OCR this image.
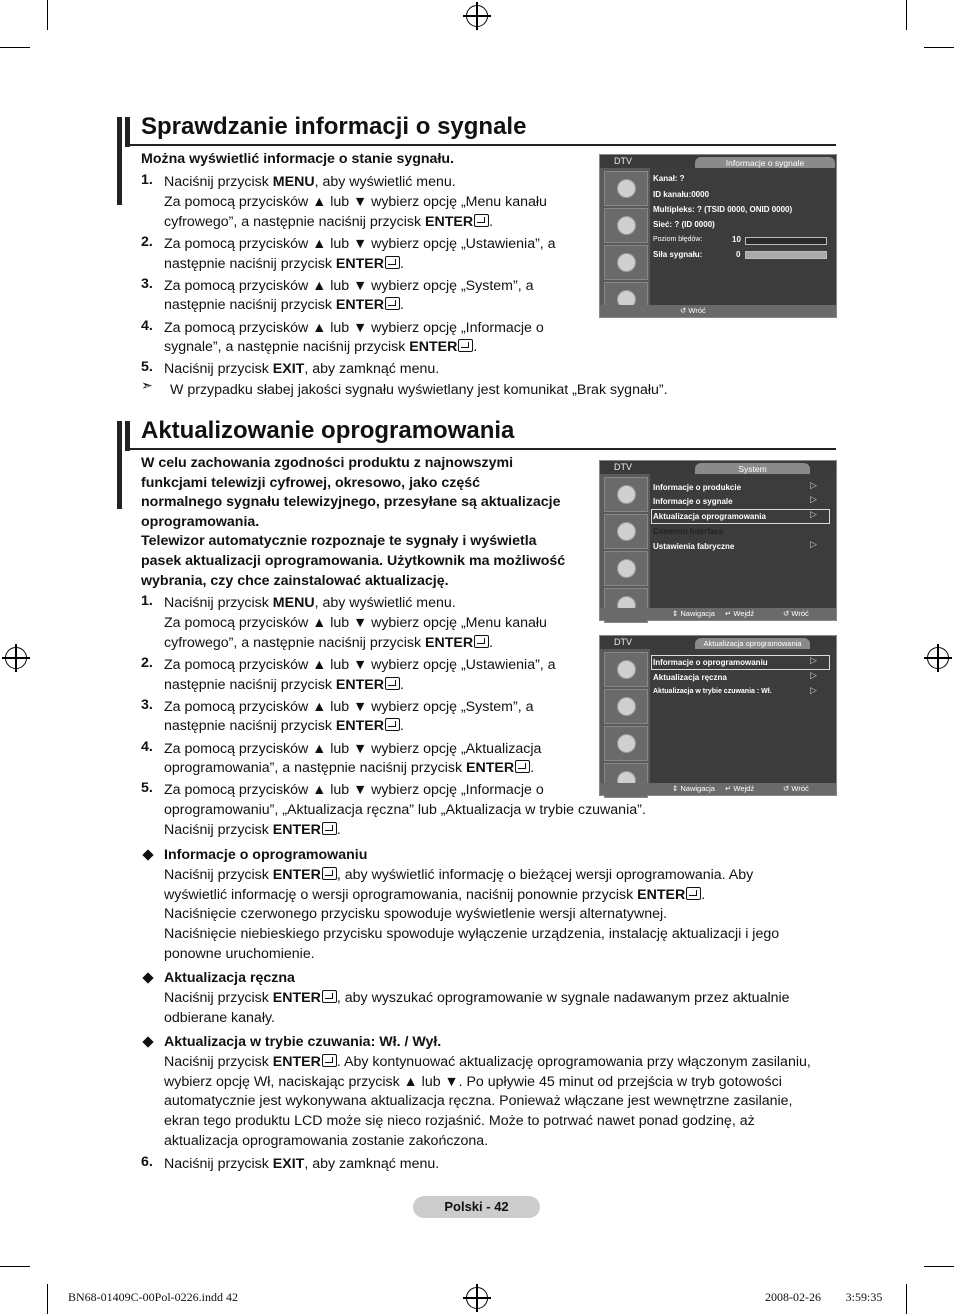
Sprawdzanie informacji o sygnale
Można wyświetlić informacje o stanie sygnału.
1. Naciśnij przycisk MENU, aby wyświetlić menu.
Za pomocą przycisków ▲ lub ▼ wybierz opcję „Menu kanału
cyfrowego”, a następnie naciśnij przycisk ENTER .
2. Za pomocą przycisków ▲ lub ▼ wybierz opcję „Ustawienia”, a
następnie naciśnij przycisk ENTER .
3. Za pomocą przycisków ▲ lub ▼ wybierz opcję „System”, a
następnie naciśnij przycisk ENTER .
4. Za pomocą przycisków ▲ lub ▼ wybierz opcję „Informacje o
sygnale”, a następnie naciśnij przycisk ENTER .
5. Naciśnij przycisk EXIT, aby zamknąć menu.
➣ W przypadku słabej jakości sygnału wyświetlany jest komunikat „Brak sygnału”.
DTV	Informacje o sygnale
Kanał: ?
ID kanału:0000
Multipleks: ? (TSID 0000, ONID 0000)
Sieć: ? (ID 0000)
Poziom błędów:	10
Siła sygnału:	0
↺ Wróć
Aktualizowanie oprogramowania
W celu zachowania zgodności produktu z najnowszymi
funkcjami telewizji cyfrowej, okresowo, jako część
normalnego sygnału telewizyjnego, przesyłane są aktualizacje
oprogramowania.
Telewizor automatycznie rozpoznaje te sygnały i wyświetla
pasek aktualizacji oprogramowania. Użytkownik ma możliwość
wybrania, czy chce zainstalować aktualizację.
1. Naciśnij przycisk MENU, aby wyświetlić menu.
Za pomocą przycisków ▲ lub ▼ wybierz opcję „Menu kanału
cyfrowego”, a następnie naciśnij przycisk ENTER .
2. Za pomocą przycisków ▲ lub ▼ wybierz opcję „Ustawienia”, a
następnie naciśnij przycisk ENTER .
3. Za pomocą przycisków ▲ lub ▼ wybierz opcję „System”, a
następnie naciśnij przycisk ENTER .
4. Za pomocą przycisków ▲ lub ▼ wybierz opcję „Aktualizacja
oprogramowania”, a następnie naciśnij przycisk ENTER .
5. Za pomocą przycisków ▲ lub ▼ wybierz opcję „Informacje o
oprogramowaniu”, „Aktualizacja ręczna” lub „Aktualizacja w trybie czuwania”.
Naciśnij przycisk ENTER .
Informacje o oprogramowaniu
Naciśnij przycisk ENTER , aby wyświetlić informację o bieżącej wersji oprogramowania. Aby
wyświetlić informację o wersji oprogramowania, naciśnij ponownie przycisk ENTER .
Naciśnięcie czerwonego przycisku spowoduje wyświetlenie wersji alternatywnej.
Naciśnięcie niebieskiego przycisku spowoduje wyłączenie urządzenia, instalację aktualizacji i jego
ponowne uruchomienie.
Aktualizacja ręczna
Naciśnij przycisk ENTER , aby wyszukać oprogramowanie w sygnale nadawanym przez aktualnie
odbierane kanały.
Aktualizacja w trybie czuwania: Wł. / Wył.
Naciśnij przycisk ENTER . Aby kontynuować aktualizację oprogramowania przy włączonym zasilaniu,
wybierz opcję Wł, naciskając przycisk ▲ lub ▼. Po upływie 45 minut od przejścia w tryb gotowości
automatycznie jest wykonywana aktualizacja ręczna. Ponieważ włączane jest wewnętrzne zasilanie,
ekran tego produktu LCD może się nieco rozjaśnić. Może to potrwać nawet ponad godzinę, aż
aktualizacja oprogramowania zostanie zakończona.
6. Naciśnij przycisk EXIT, aby zamknąć menu.
DTV	System
Informacje o produkcie	▷
Informacje o sygnale	▷
Aktualizacja oprogramowania	▷
Common Interface
Ustawienia fabryczne	▷
⇕ Nawigacja ↵ Wejdź	↺ Wróć
DTV	Aktualizacja oprogramowania
Informacje o oprogramowaniu	▷
Aktualizacja ręczna	▷
Aktualizacja w trybie czuwania : Wł.	▷
⇕ Nawigacja ↵ Wejdź	↺ Wróć
Polski - 42
BN68-01409C-00Pol-0226.indd 42	2008-02-26 ￿￿ 3:59:35
